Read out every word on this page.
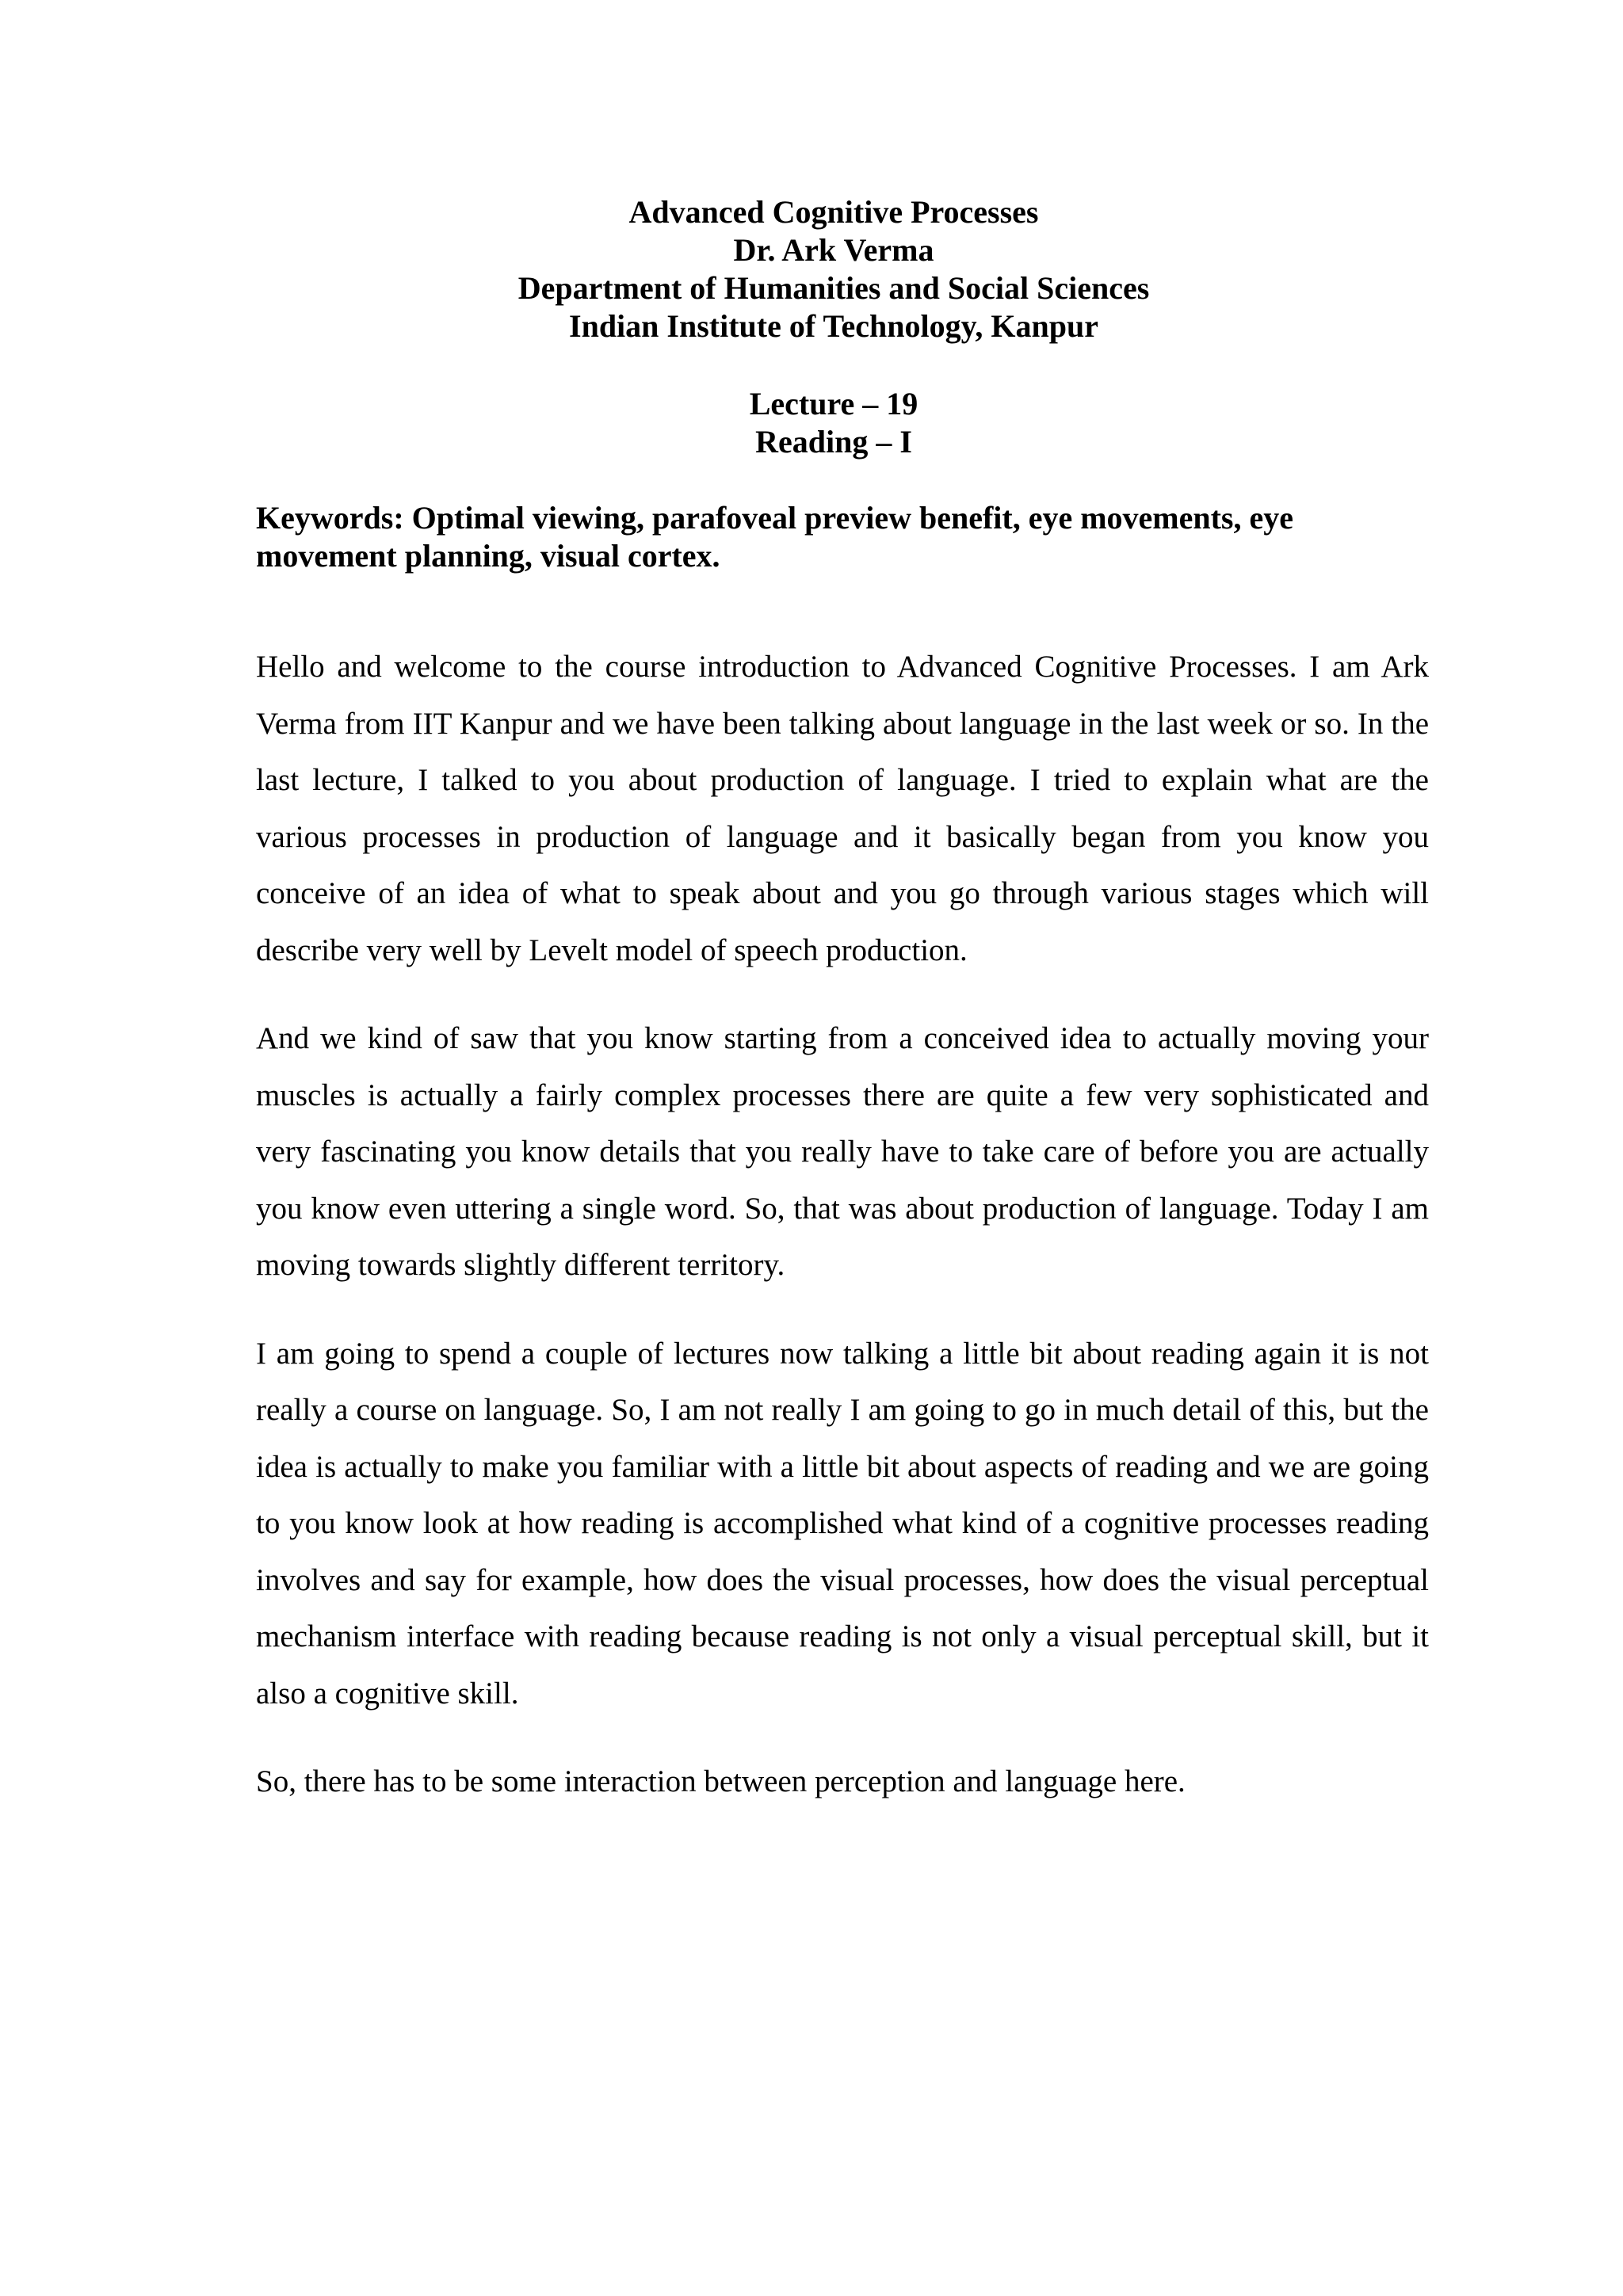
Advanced Cognitive Processes
Dr. Ark Verma
Department of Humanities and Social Sciences
Indian Institute of Technology, Kanpur
Lecture – 19
Reading – I
Keywords: Optimal viewing, parafoveal preview benefit, eye movements, eye movement planning, visual cortex.

Hello and welcome to the course introduction to Advanced Cognitive Processes. I am Ark Verma from IIT Kanpur and we have been talking about language in the last week or so. In the last lecture, I talked to you about production of language. I tried to explain what are the various processes in production of language and it basically began from you know you conceive of an idea of what to speak about and you go through various stages which will describe very well by Levelt model of speech production.

And we kind of saw that you know starting from a conceived idea to actually moving your muscles is actually a fairly complex processes there are quite a few very sophisticated and very fascinating you know details that you really have to take care of before you are actually you know even uttering a single word. So, that was about production of language. Today I am moving towards slightly different territory.

I am going to spend a couple of lectures now talking a little bit about reading again it is not really a course on language. So, I am not really I am going to go in much detail of this, but the idea is actually to make you familiar with a little bit about aspects of reading and we are going to you know look at how reading is accomplished what kind of a cognitive processes reading involves and say for example, how does the visual processes, how does the visual perceptual mechanism interface with reading because reading is not only a visual perceptual skill, but it also a cognitive skill.

So, there has to be some interaction between perception and language here.
